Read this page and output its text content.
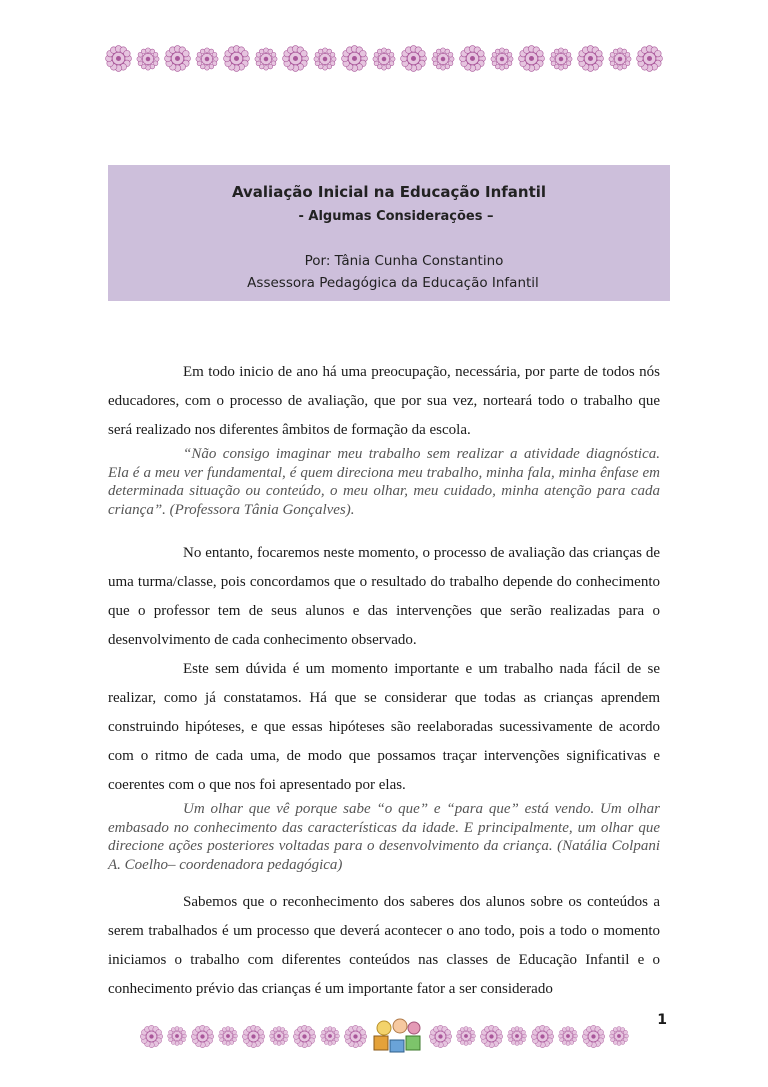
Avaliação Inicial na Educação Infantil
- Algumas Considerações –
Por: Tânia Cunha Constantino
Assessora Pedagógica da Educação Infantil

Em todo inicio de ano há uma preocupação, necessária, por parte de todos nós educadores, com o processo de avaliação, que por sua vez, norteará todo o trabalho que será realizado nos diferentes âmbitos de formação da escola.

“Não consigo imaginar meu trabalho sem realizar a atividade diagnóstica. Ela é a meu ver fundamental, é quem direciona meu trabalho, minha fala, minha ênfase em determinada situação ou conteúdo, o meu olhar, meu cuidado, minha atenção para cada criança”. (Professora Tânia Gonçalves).

No entanto, focaremos neste momento, o processo de avaliação das crianças de uma turma/classe, pois concordamos que o resultado do trabalho depende do conhecimento que o professor tem de seus alunos e das intervenções que serão realizadas para o desenvolvimento de cada conhecimento observado.

Este sem dúvida é um momento importante e um trabalho nada fácil de se realizar, como já constatamos. Há que se considerar que todas as crianças aprendem construindo hipóteses, e que essas hipóteses são reelaboradas sucessivamente de acordo com o ritmo de cada uma, de modo que possamos traçar intervenções significativas e coerentes com o que nos foi apresentado por elas.

Um olhar que vê porque sabe “o que” e “para que” está vendo. Um olhar embasado no conhecimento das características da idade. E principalmente, um olhar que direcione ações posteriores voltadas para o desenvolvimento da criança. (Natália Colpani A. Coelho– coordenadora pedagógica)

Sabemos que o reconhecimento dos saberes dos alunos sobre os conteúdos a serem trabalhados é um processo que deverá acontecer o ano todo, pois a todo o momento iniciamos o trabalho com diferentes conteúdos nas classes de Educação Infantil e o conhecimento prévio das crianças é um importante fator a ser considerado

1
